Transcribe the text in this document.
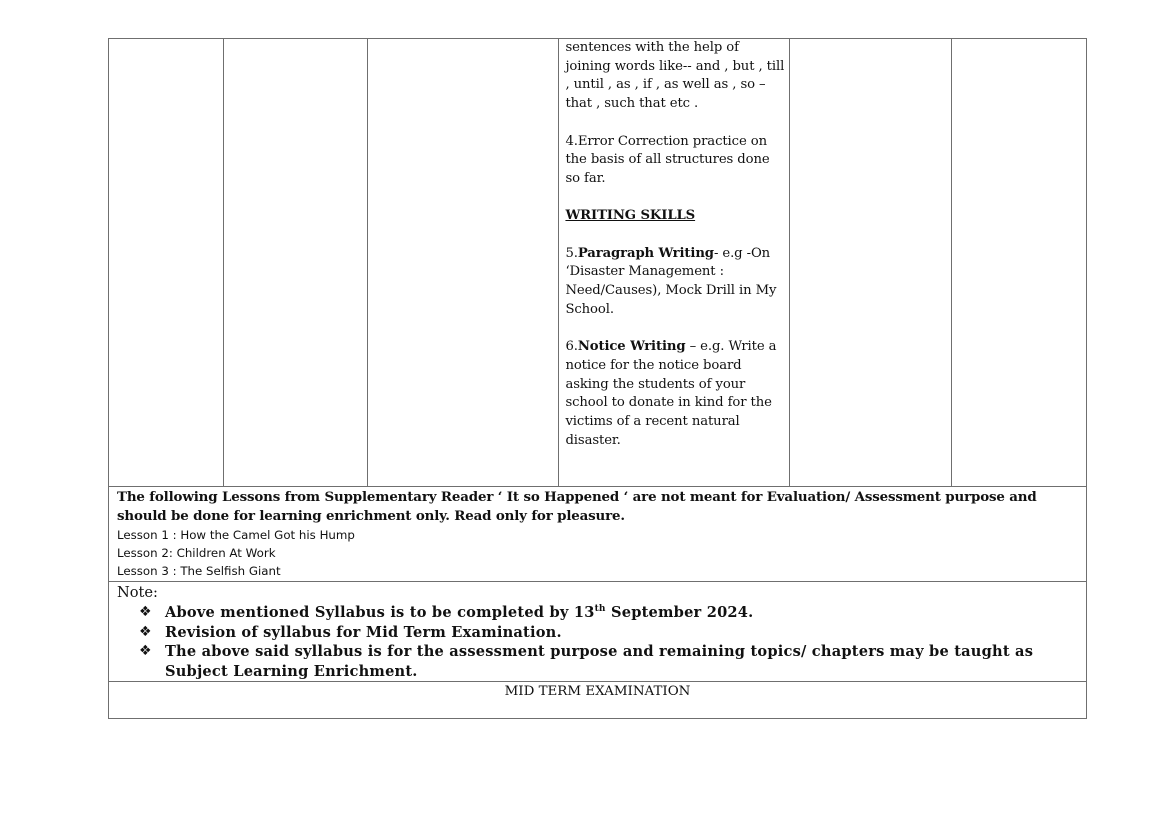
sentences with the help of joining words like-- and , but , till , until , as , if , as well as , so –that , such that etc .

4.Error Correction practice on the basis of all structures done so far.

WRITING SKILLS

5.Paragraph Writing- e.g -On ‘Disaster Management : Need/Causes), Mock Drill in My School.

6.Notice Writing – e.g. Write a notice for the notice board asking the students of your school to donate in kind for the victims of a recent natural disaster.

The following Lessons from Supplementary Reader ‘ It so Happened ‘ are not meant for Evaluation/ Assessment purpose and should be done for learning enrichment only. Read only for pleasure.
Lesson 1 : How the Camel Got his Hump
Lesson 2: Children At Work
Lesson 3 : The Selfish Giant

Note:
❖ Above mentioned Syllabus is to be completed by 13th September 2024.
❖ Revision of syllabus for Mid Term Examination.
❖ The above said syllabus is for the assessment purpose and remaining topics/ chapters may be taught as Subject Learning Enrichment.

MID TERM EXAMINATION
